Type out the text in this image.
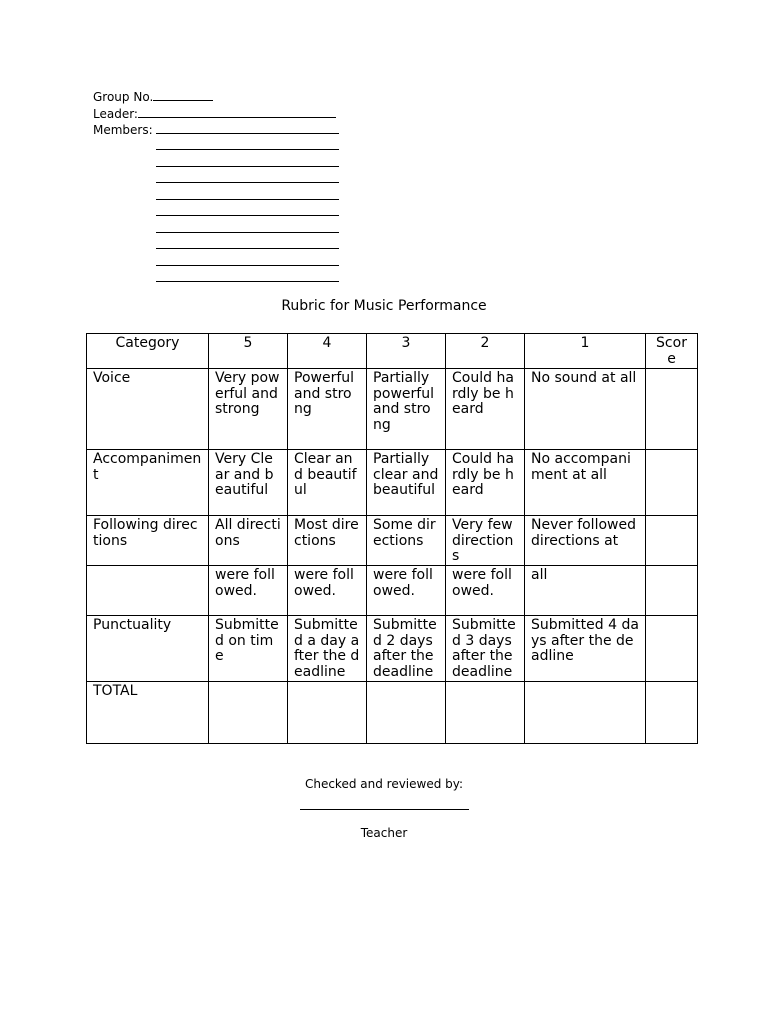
Group No.
Leader:
Members:
Rubric for Music Performance
Category	5	4	3	2	1	Score
Voice	Very powerful and strong	Powerful and strong	Partially powerful and strong	Could hardly be heard	No sound at all	
Accompaniment	Very Clear and beautiful	Clear and beautiful	Partially clear and beautiful	Could hardly be heard	No accompaniment at all	
Following directions	All directions	Most directions	Some directions	Very few directions	Never followed directions at	
	were followed.	were followed.	were followed.	were followed.	all	
Punctuality	Submitted on time	Submitted a day after the deadline	Submitted 2 days after the deadline	Submitted 3 days after the deadline	Submitted 4 days after the deadline	
TOTAL						
Checked and reviewed by:
Teacher
